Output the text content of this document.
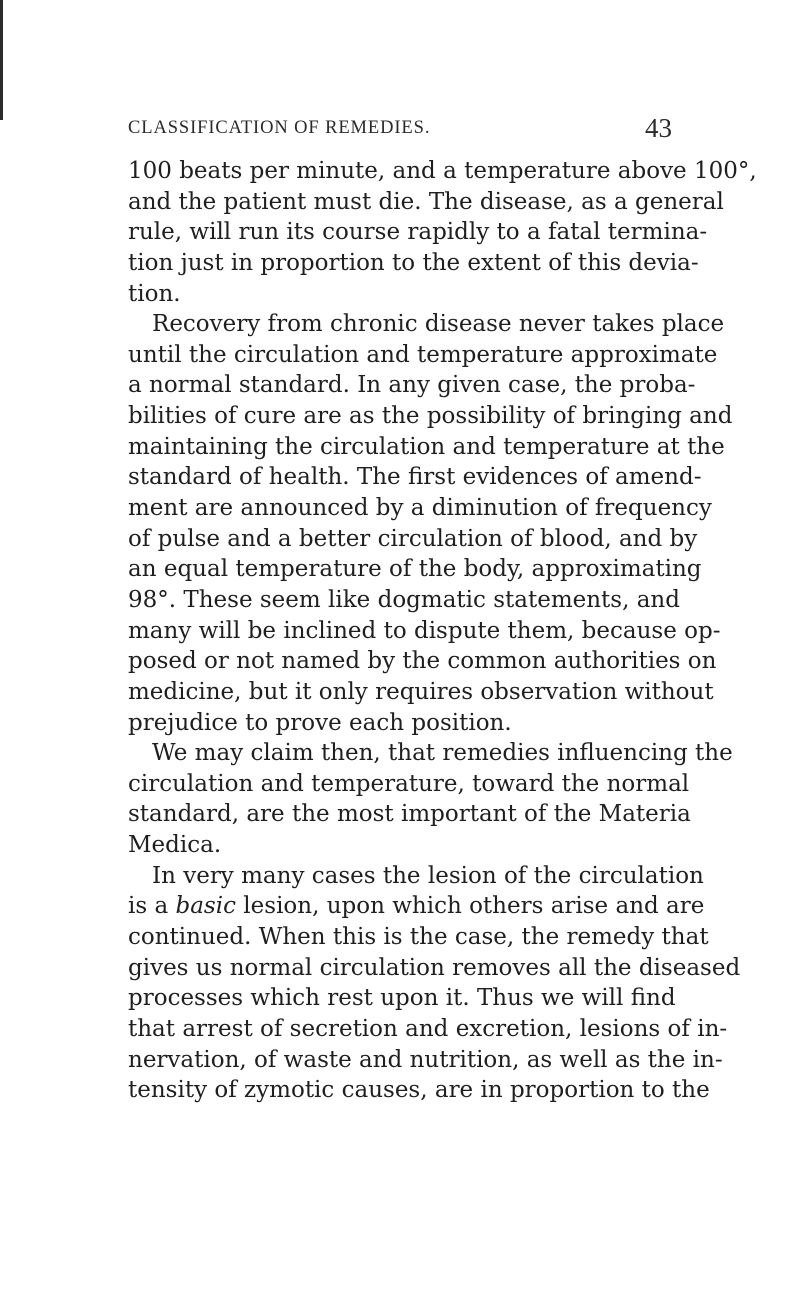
CLASSIFICATION OF REMEDIES.	43
100 beats per minute, and a temperature above 100°,
and the patient must die. The disease, as a general
rule, will run its course rapidly to a fatal termina-
tion just in proportion to the extent of this devia-
tion.
Recovery from chronic disease never takes place
until the circulation and temperature approximate
a normal standard. In any given case, the proba-
bilities of cure are as the possibility of bringing and
maintaining the circulation and temperature at the
standard of health. The first evidences of amend-
ment are announced by a diminution of frequency
of pulse and a better circulation of blood, and by
an equal temperature of the body, approximating
98°. These seem like dogmatic statements, and
many will be inclined to dispute them, because op-
posed or not named by the common authorities on
medicine, but it only requires observation without
prejudice to prove each position.
We may claim then, that remedies influencing the
circulation and temperature, toward the normal
standard, are the most important of the Materia
Medica.
In very many cases the lesion of the circulation
is a basic lesion, upon which others arise and are
continued. When this is the case, the remedy that
gives us normal circulation removes all the diseased
processes which rest upon it. Thus we will find
that arrest of secretion and excretion, lesions of in-
nervation, of waste and nutrition, as well as the in-
tensity of zymotic causes, are in proportion to the
